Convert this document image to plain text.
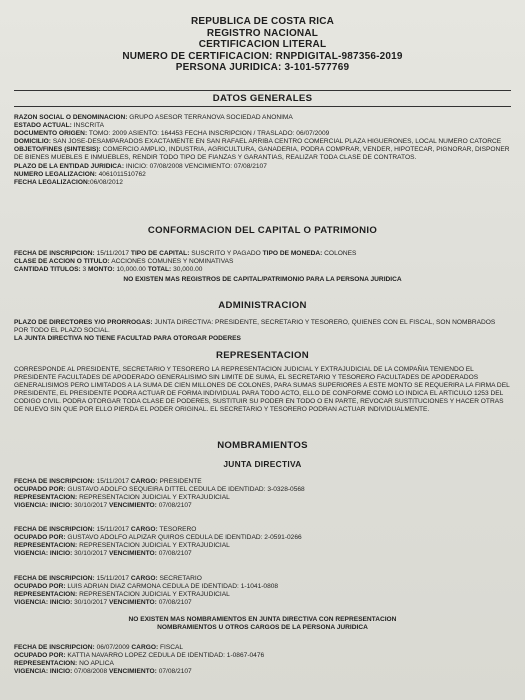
REPUBLICA DE COSTA RICA
REGISTRO NACIONAL
CERTIFICACION LITERAL
NUMERO DE CERTIFICACION: RNPDIGITAL-987356-2019
PERSONA JURIDICA: 3-101-577769
DATOS GENERALES

RAZON SOCIAL O DENOMINACION: GRUPO ASESOR TERRANOVA SOCIEDAD ANONIMA

ESTADO ACTUAL: INSCRITA

DOCUMENTO ORIGEN: TOMO: 2009 ASIENTO: 164453 FECHA INSCRIPCION / TRASLADO: 06/07/2009

DOMICILIO: SAN JOSE-DESAMPARADOS EXACTAMENTE EN SAN RAFAEL ARRIBA CENTRO COMERCIAL PLAZA HIGUERONES, LOCAL NUMERO CATORCE

OBJETO/FINES (SINTESIS): COMERCIO AMPLIO, INDUSTRIA, AGRICULTURA, GANADERIA, PODRA COMPRAR, VENDER, HIPOTECAR, PIGNORAR, DISPONER DE BIENES MUEBLES E INMUEBLES, RENDIR TODO TIPO DE FIANZAS Y GARANTIAS, REALIZAR TODA CLASE DE CONTRATOS.

PLAZO DE LA ENTIDAD JURIDICA: INICIO: 07/08/2008 VENCIMIENTO: 07/08/2107

NUMERO LEGALIZACION: 4061011510762

FECHA LEGALIZACION:06/08/2012

CONFORMACION DEL CAPITAL O PATRIMONIO

FECHA DE INSCRIPCION: 15/11/2017 TIPO DE CAPITAL: SUSCRITO Y PAGADO TIPO DE MONEDA: COLONES

CLASE DE ACCION O TITULO: ACCIONES COMUNES Y NOMINATIVAS

CANTIDAD TITULOS: 3 MONTO: 10,000.00 TOTAL: 30,000.00

NO EXISTEN MAS REGISTROS DE CAPITAL/PATRIMONIO PARA LA PERSONA JURIDICA

ADMINISTRACION

PLAZO DE DIRECTORES Y/O PRORROGAS: JUNTA DIRECTIVA: PRESIDENTE, SECRETARIO Y TESORERO, QUIENES CON EL FISCAL, SON NOMBRADOS POR TODO EL PLAZO SOCIAL.

LA JUNTA DIRECTIVA NO TIENE FACULTAD PARA OTORGAR PODERES

REPRESENTACION

CORRESPONDE AL PRESIDENTE, SECRETARIO Y TESORERO LA REPRESENTACION JUDICIAL Y EXTRAJUDICIAL DE LA COMPAÑIA TENIENDO EL PRESIDENTE FACULTADES DE APODERADO GENERALISIMO SIN LIMITE DE SUMA, EL SECRETARIO Y TESORERO FACULTADES DE APODERADOS GENERALISIMOS PERO LIMITADOS A LA SUMA DE CIEN MILLONES DE COLONES, PARA SUMAS SUPERIORES A ESTE MONTO SE REQUERIRA LA FIRMA DEL PRESIDENTE, EL PRESIDENTE PODRA ACTUAR DE FORMA INDIVIDUAL PARA TODO ACTO, ELLO DE CONFORME COMO LO INDICA EL ARTICULO 1253 DEL CODIGO CIVIL. PODRA OTORGAR TODA CLASE DE PODERES, SUSTITUIR SU PODER EN TODO O EN PARTE, REVOCAR SUSTITUCIONES Y HACER OTRAS DE NUEVO SIN QUE POR ELLO PIERDA EL PODER ORIGINAL. EL SECRETARIO Y TESORERO PODRAN ACTUAR INDIVIDUALMENTE.

NOMBRAMIENTOS
JUNTA DIRECTIVA

FECHA DE INSCRIPCION: 15/11/2017 CARGO: PRESIDENTE

OCUPADO POR: GUSTAVO ADOLFO SEQUEIRA DITTEL CEDULA DE IDENTIDAD: 3-0328-0568

REPRESENTACION: REPRESENTACION JUDICIAL Y EXTRAJUDICIAL

VIGENCIA: INICIO: 30/10/2017 VENCIMIENTO: 07/08/2107

FECHA DE INSCRIPCION: 15/11/2017 CARGO: TESORERO

OCUPADO POR: GUSTAVO ADOLFO ALPIZAR QUIROS CEDULA DE IDENTIDAD: 2-0591-0266

REPRESENTACION: REPRESENTACION JUDICIAL Y EXTRAJUDICIAL

VIGENCIA: INICIO: 30/10/2017 VENCIMIENTO: 07/08/2107

FECHA DE INSCRIPCION: 15/11/2017 CARGO: SECRETARIO

OCUPADO POR: LUIS ADRIAN DIAZ CARMONA CEDULA DE IDENTIDAD: 1-1041-0808

REPRESENTACION: REPRESENTACION JUDICIAL Y EXTRAJUDICIAL

VIGENCIA: INICIO: 30/10/2017 VENCIMIENTO: 07/08/2107

NO EXISTEN MAS NOMBRAMIENTOS EN JUNTA DIRECTIVA CON REPRESENTACION

NOMBRAMIENTOS U OTROS CARGOS DE LA PERSONA JURIDICA

FECHA DE INSCRIPCION: 06/07/2009 CARGO: FISCAL

OCUPADO POR: KATTIA NAVARRO LOPEZ CEDULA DE IDENTIDAD: 1-0867-0476

REPRESENTACION: NO APLICA

VIGENCIA: INICIO: 07/08/2008 VENCIMIENTO: 07/08/2107
